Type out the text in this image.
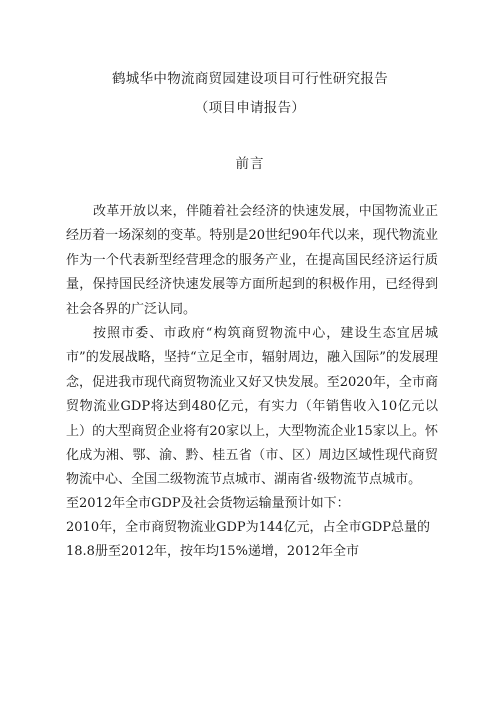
鹤城华中物流商贸园建设项目可行性研究报告
（项目申请报告）
前言

改革开放以来，伴随着社会经济的快速发展，中国物流业正经历着一场深刻的变革。特别是20世纪90年代以来，现代物流业作为一个代表新型经营理念的服务产业，在提高国民经济运行质量，保持国民经济快速发展等方面所起到的积极作用，已经得到社会各界的广泛认同。

按照市委、市政府“构筑商贸物流中心，建设生态宜居城市”的发展战略，坚持“立足全市，辐射周边，融入国际”的发展理念，促进我市现代商贸物流业又好又快发展。至2020年，全市商贸物流业GDP将达到480亿元，有实力（年销售收入10亿元以上）的大型商贸企业将有20家以上，大型物流企业15家以上。怀化成为湘、鄂、渝、黔、桂五省（市、区）周边区域性现代商贸物流中心、全国二级物流节点城市、湖南省·级物流节点城市。

至2012年全市GDP及社会货物运输量预计如下：

2010年，全市商贸物流业GDP为144亿元，占全市GDP总量的18.8册至2012年，按年均15%递增，2012年全市
